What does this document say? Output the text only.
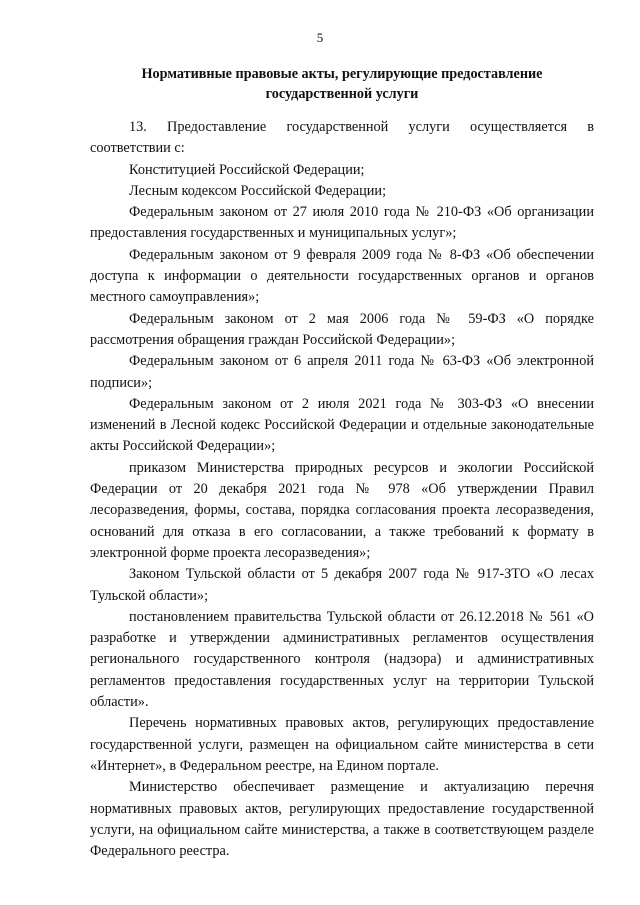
5
Нормативные правовые акты, регулирующие предоставление
государственной услуги

13. Предоставление государственной услуги осуществляется в соответствии с:

Конституцией Российской Федерации;

Лесным кодексом Российской Федерации;

Федеральным законом от 27 июля 2010 года № 210-ФЗ «Об организации предоставления государственных и муниципальных услуг»;

Федеральным законом от 9 февраля 2009 года № 8-ФЗ «Об обеспечении доступа к информации о деятельности государственных органов и органов местного самоуправления»;

Федеральным законом от 2 мая 2006 года № 59-ФЗ «О порядке рассмотрения обращения граждан Российской Федерации»;

Федеральным законом от 6 апреля 2011 года № 63-ФЗ «Об электронной подписи»;

Федеральным законом от 2 июля 2021 года № 303-ФЗ «О внесении изменений в Лесной кодекс Российской Федерации и отдельные законодательные акты Российской Федерации»;

приказом Министерства природных ресурсов и экологии Российской Федерации от 20 декабря 2021 года № 978 «Об утверждении Правил лесоразведения, формы, состава, порядка согласования проекта лесоразведения, оснований для отказа в его согласовании, а также требований к формату в электронной форме проекта лесоразведения»;

Законом Тульской области от 5 декабря 2007 года № 917-ЗТО «О лесах Тульской области»;

постановлением правительства Тульской области от 26.12.2018 № 561 «О разработке и утверждении административных регламентов осуществления регионального государственного контроля (надзора) и административных регламентов предоставления государственных услуг на территории Тульской области».

Перечень нормативных правовых актов, регулирующих предоставление государственной услуги, размещен на официальном сайте министерства в сети «Интернет», в Федеральном реестре, на Едином портале.

Министерство обеспечивает размещение и актуализацию перечня нормативных правовых актов, регулирующих предоставление государственной услуги, на официальном сайте министерства, а также в соответствующем разделе Федерального реестра.
